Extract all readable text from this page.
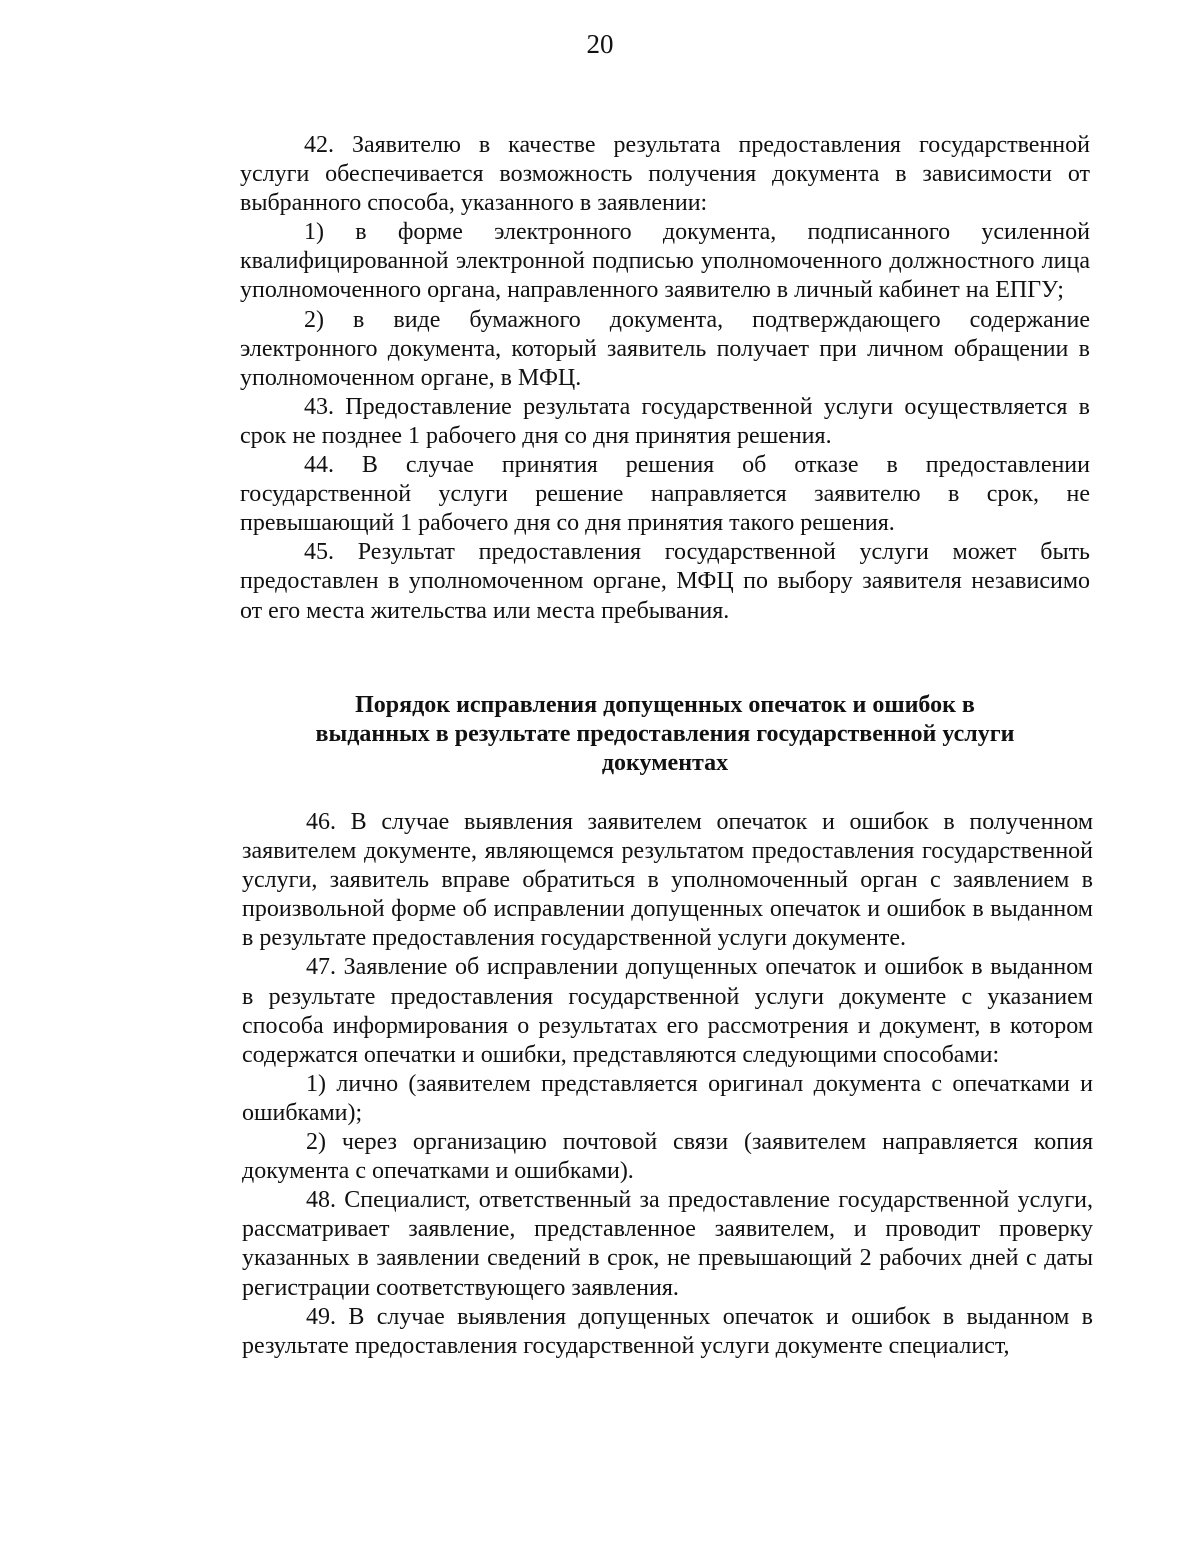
20

42. Заявителю в качестве результата предоставления государственной услуги обеспечивается возможность получения документа в зависимости от выбранного способа, указанного в заявлении:

1) в форме электронного документа, подписанного усиленной квалифицированной электронной подписью уполномоченного должностного лица уполномоченного органа, направленного заявителю в личный кабинет на ЕПГУ;

2) в виде бумажного документа, подтверждающего содержание электронного документа, который заявитель получает при личном обращении в уполномоченном органе, в МФЦ.

43. Предоставление результата государственной услуги осуществляется в срок не позднее 1 рабочего дня со дня принятия решения.

44. В случае принятия решения об отказе в предоставлении государственной услуги решение направляется заявителю в срок, не превышающий 1 рабочего дня со дня принятия такого решения.

45. Результат предоставления государственной услуги может быть предоставлен в уполномоченном органе, МФЦ по выбору заявителя независимо от его места жительства или места пребывания.

Порядок исправления допущенных опечаток и ошибок в
выданных в результате предоставления государственной услуги
документах

46. В случае выявления заявителем опечаток и ошибок в полученном заявителем документе, являющемся результатом предоставления государственной услуги, заявитель вправе обратиться в уполномоченный орган с заявлением в произвольной форме об исправлении допущенных опечаток и ошибок в выданном в результате предоставления государственной услуги документе.

47. Заявление об исправлении допущенных опечаток и ошибок в выданном в результате предоставления государственной услуги документе с указанием способа информирования о результатах его рассмотрения и документ, в котором содержатся опечатки и ошибки, представляются следующими способами:

1) лично (заявителем представляется оригинал документа с опечатками и ошибками);

2) через организацию почтовой связи (заявителем направляется копия документа с опечатками и ошибками).

48. Специалист, ответственный за предоставление государственной услуги, рассматривает заявление, представленное заявителем, и проводит проверку указанных в заявлении сведений в срок, не превышающий 2 рабочих дней с даты регистрации соответствующего заявления.

49. В случае выявления допущенных опечаток и ошибок в выданном в результате предоставления государственной услуги документе специалист,
